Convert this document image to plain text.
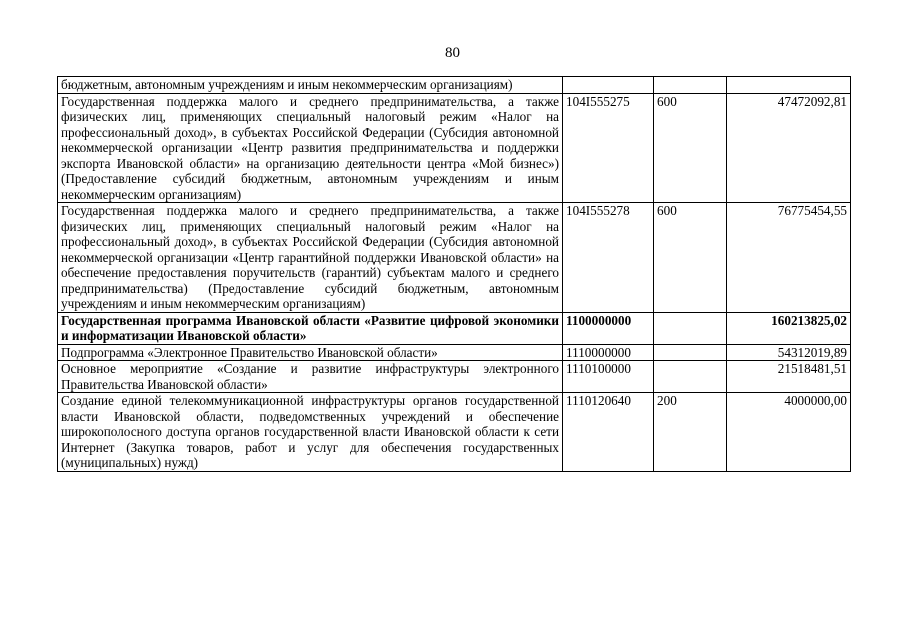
80
бюджетным, автономным учреждениям и иным некоммерческим организациям)			
Государственная поддержка малого и среднего предпринимательства, а также физических лиц, применяющих специальный налоговый режим «Налог на профессиональный доход», в субъектах Российской Федерации (Субсидия автономной некоммерческой организации «Центр развития предпринимательства и поддержки экспорта Ивановской области» на организацию деятельности центра «Мой бизнес») (Предоставление субсидий бюджетным, автономным учреждениям и иным некоммерческим организациям)	104I555275	600	47472092,81
Государственная поддержка малого и среднего предпринимательства, а также физических лиц, применяющих специальный налоговый режим «Налог на профессиональный доход», в субъектах Российской Федерации (Субсидия автономной некоммерческой организации «Центр гарантийной поддержки Ивановской области» на обеспечение предоставления поручительств (гарантий) субъектам малого и среднего предпринимательства) (Предоставление субсидий бюджетным, автономным учреждениям и иным некоммерческим организациям)	104I555278	600	76775454,55
Государственная программа Ивановской области «Развитие цифровой экономики и информатизации Ивановской области»	1100000000		160213825,02
Подпрограмма «Электронное Правительство Ивановской области»	1110000000		54312019,89
Основное мероприятие «Создание и развитие инфраструктуры электронного Правительства Ивановской области»	1110100000		21518481,51
Создание единой телекоммуникационной инфраструктуры органов государственной власти Ивановской области, подведомственных учреждений и обеспечение широкополосного доступа органов государственной власти Ивановской области к сети Интернет (Закупка товаров, работ и услуг для обеспечения государственных (муниципальных) нужд)	1110120640	200	4000000,00
